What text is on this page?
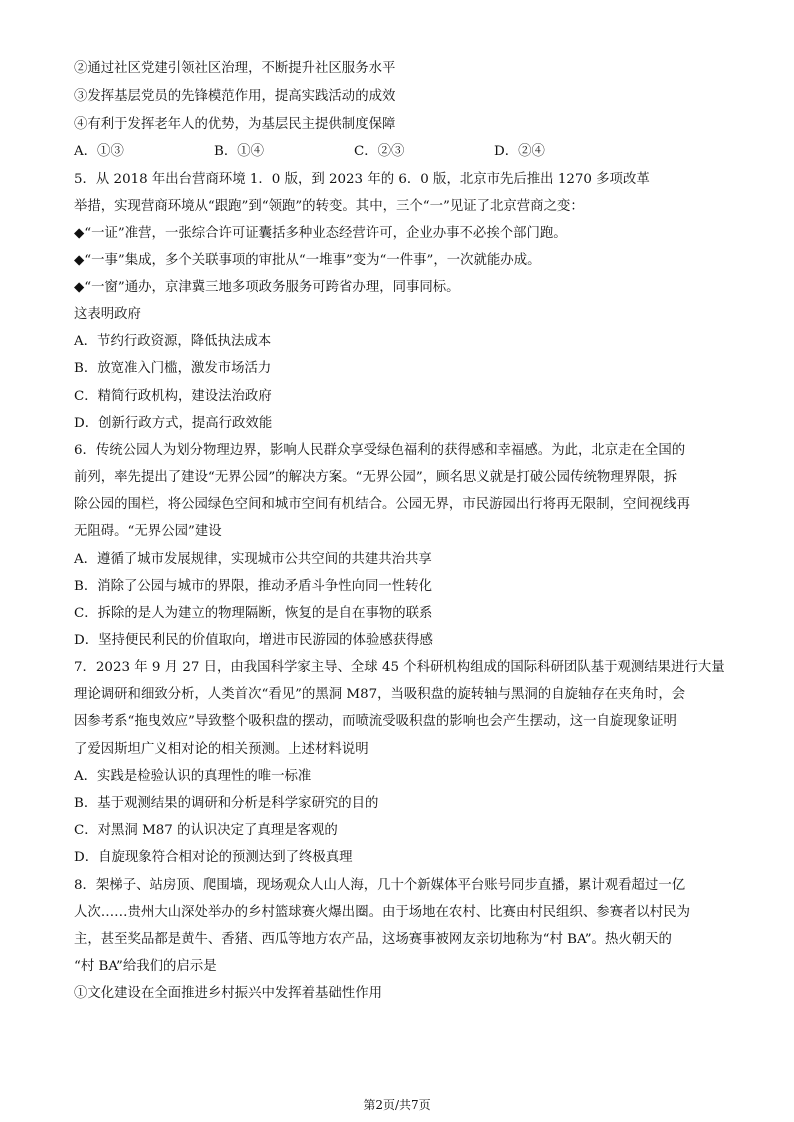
②通过社区党建引领社区治理，不断提升社区服务水平
③发挥基层党员的先锋模范作用，提高实践活动的成效
④有利于发挥老年人的优势，为基层民主提供制度保障
A．①③	B．①④	C．②③	D．②④
5．从 2018 年出台营商环境 1．0 版，到 2023 年的 6．0 版，北京市先后推出 1270 多项改革
举措，实现营商环境从“跟跑”到“领跑”的转变。其中，三个“一”见证了北京营商之变：
◆“一证”准营，一张综合许可证囊括多种业态经营许可，企业办事不必挨个部门跑。
◆“一事”集成，多个关联事项的审批从“一堆事”变为“一件事”，一次就能办成。
◆“一窗”通办，京津冀三地多项政务服务可跨省办理，同事同标。
这表明政府
A．节约行政资源，降低执法成本
B．放宽准入门槛，激发市场活力
C．精简行政机构，建设法治政府
D．创新行政方式，提高行政效能
6．传统公园人为划分物理边界，影响人民群众享受绿色福利的获得感和幸福感。为此，北京走在全国的
前列，率先提出了建设“无界公园”的解决方案。“无界公园”，顾名思义就是打破公园传统物理界限，拆
除公园的围栏，将公园绿色空间和城市空间有机结合。公园无界，市民游园出行将再无限制，空间视线再
无阻碍。“无界公园”建设
A．遵循了城市发展规律，实现城市公共空间的共建共治共享
B．消除了公园与城市的界限，推动矛盾斗争性向同一性转化
C．拆除的是人为建立的物理隔断，恢复的是自在事物的联系
D．坚持便民利民的价值取向，增进市民游园的体验感获得感
7．2023 年 9 月 27 日，由我国科学家主导、全球 45 个科研机构组成的国际科研团队基于观测结果进行大量
理论调研和细致分析，人类首次“看见”的黑洞 M87，当吸积盘的旋转轴与黑洞的自旋轴存在夹角时，会
因参考系“拖曳效应”导致整个吸积盘的摆动，而喷流受吸积盘的影响也会产生摆动，这一自旋现象证明
了爱因斯坦广义相对论的相关预测。上述材料说明
A．实践是检验认识的真理性的唯一标准
B．基于观测结果的调研和分析是科学家研究的目的
C．对黑洞 M87 的认识决定了真理是客观的
D．自旋现象符合相对论的预测达到了终极真理
8．架梯子、站房顶、爬围墙，现场观众人山人海，几十个新媒体平台账号同步直播，累计观看超过一亿
人次……贵州大山深处举办的乡村篮球赛火爆出圈。由于场地在农村、比赛由村民组织、参赛者以村民为
主，甚至奖品都是黄牛、香猪、西瓜等地方农产品，这场赛事被网友亲切地称为“村 BA”。热火朝天的
“村 BA”给我们的启示是
①文化建设在全面推进乡村振兴中发挥着基础性作用
第2页/共7页
